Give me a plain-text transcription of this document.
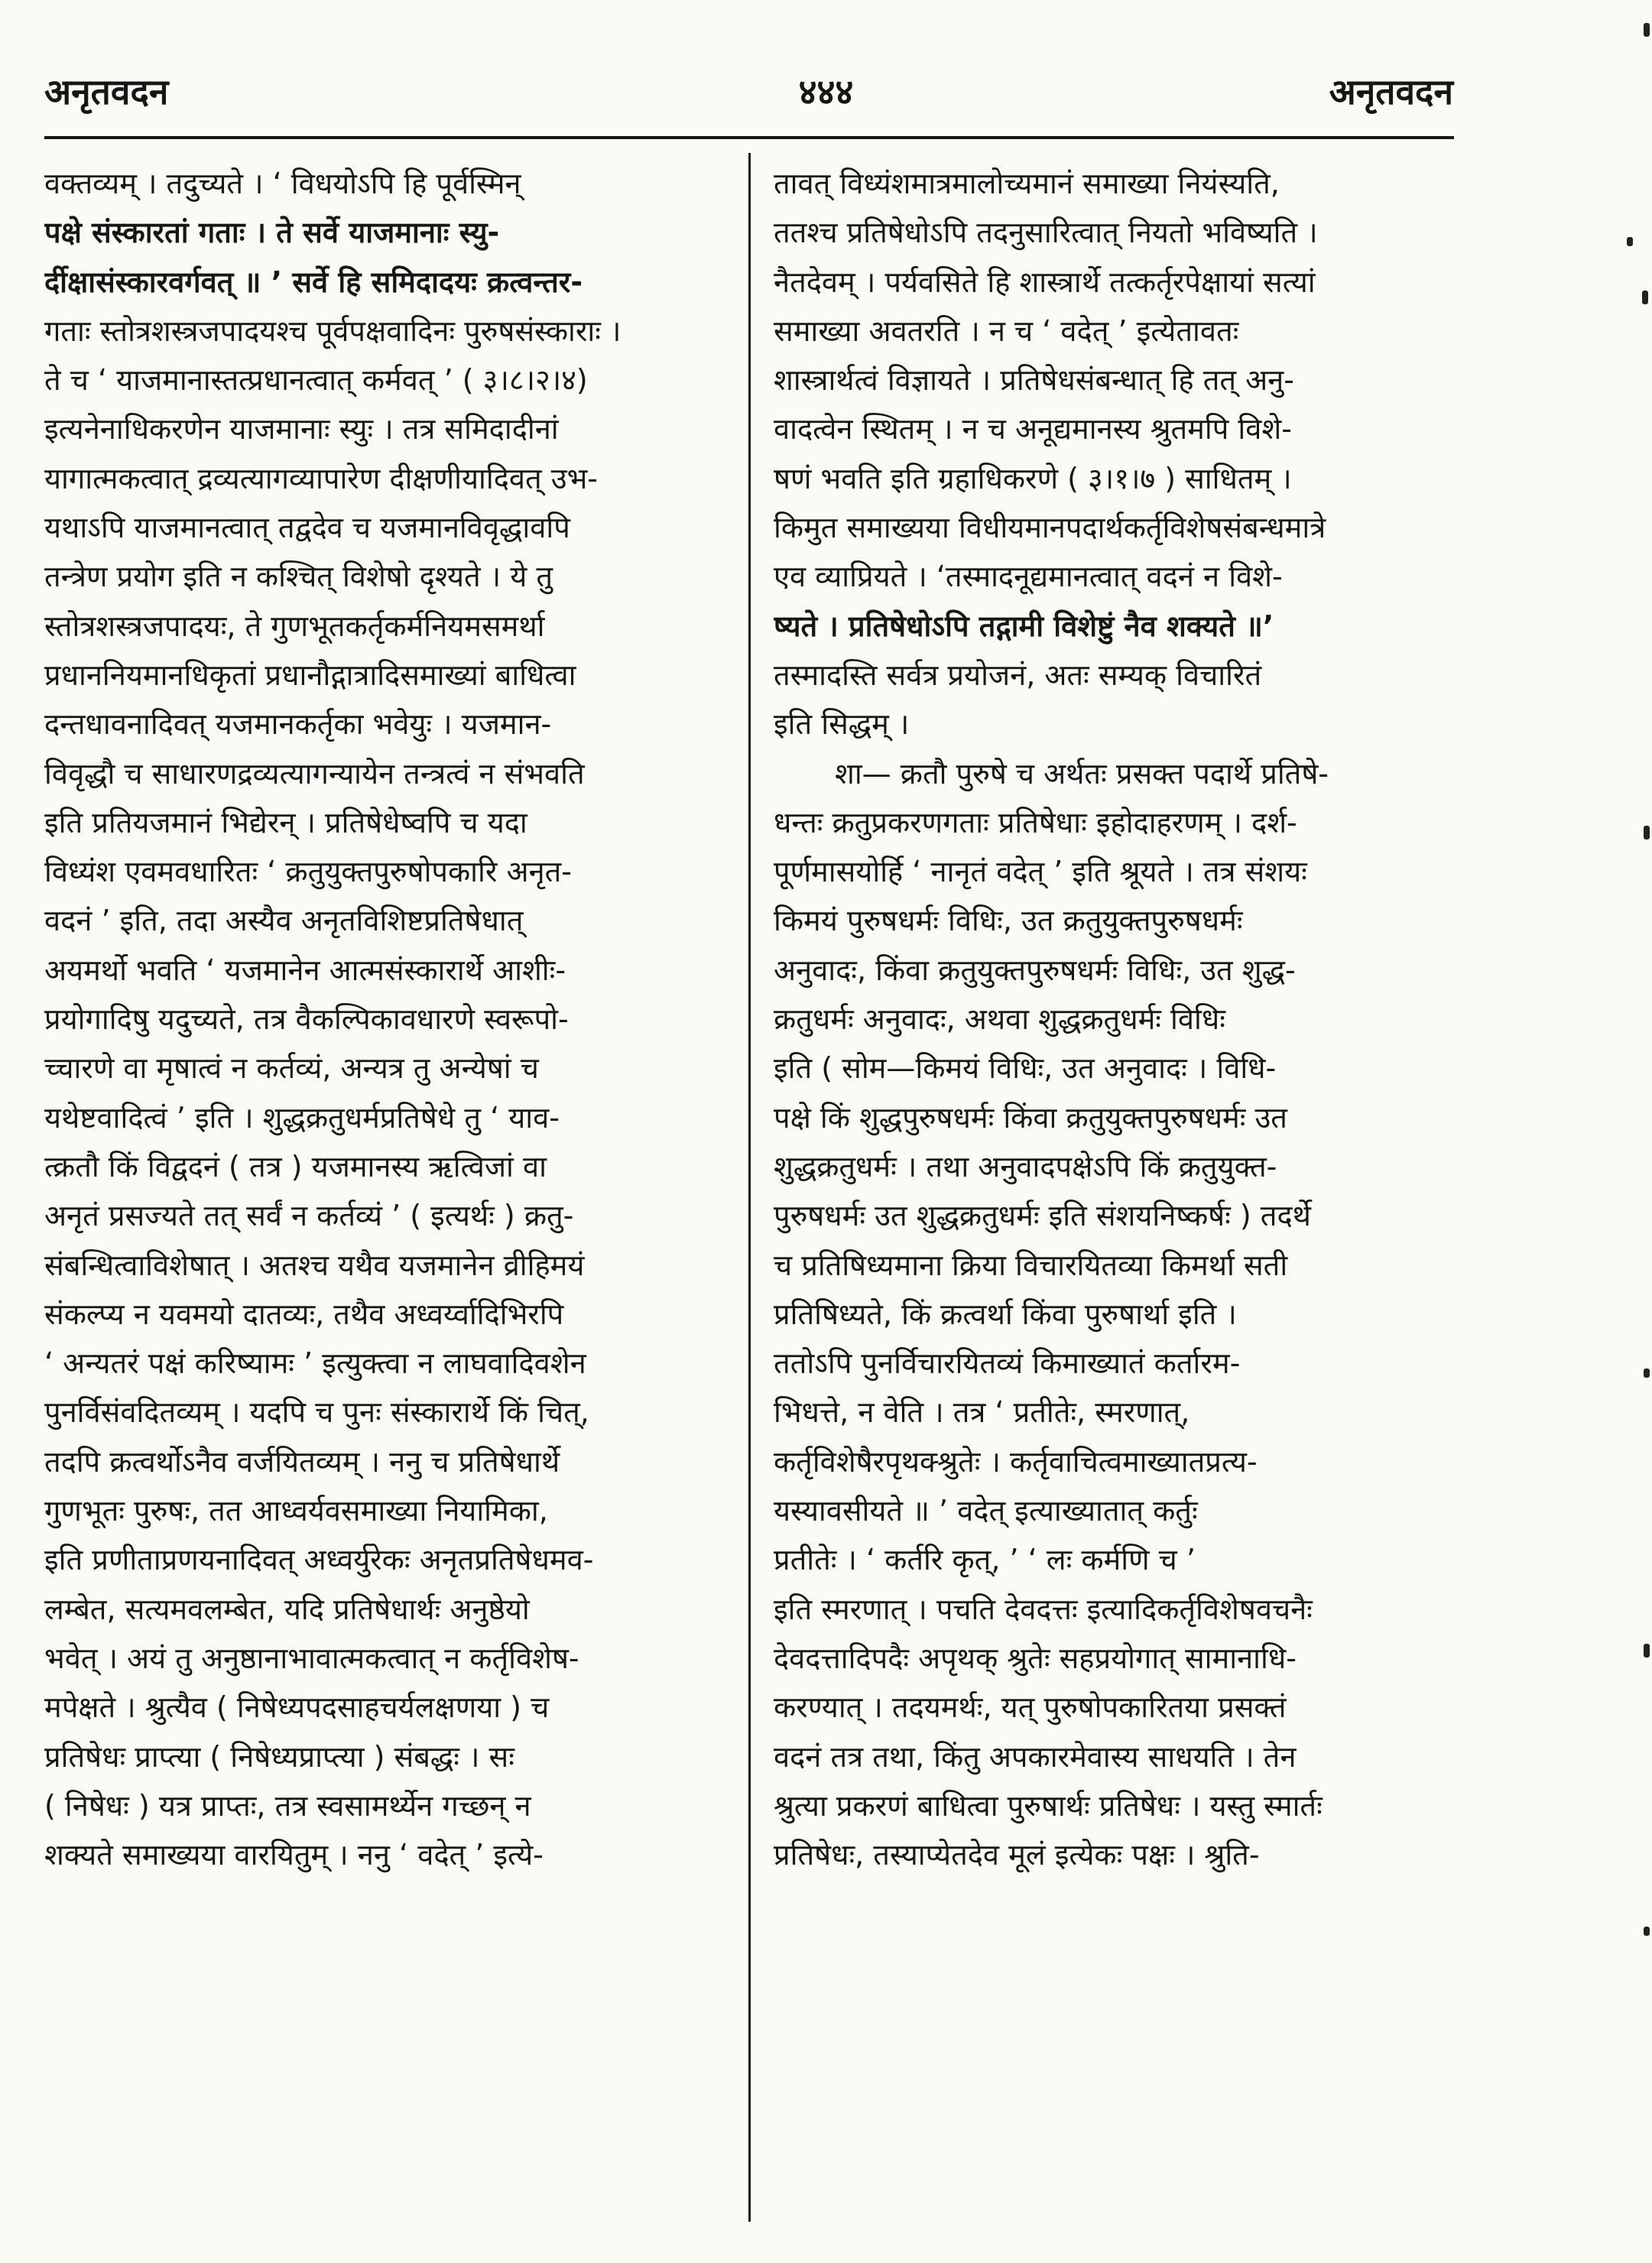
अनृतवदन	४४४	अनृतवदन
वक्तव्यम् । तदुच्यते । ‘ विधयोऽपि हि पूर्वस्मिन्
पक्षे संस्कारतां गताः । ते सर्वे याजमानाः स्यु-
र्दीक्षासंस्कारवर्गवत् ॥ ’ सर्वे हि समिदादयः क्रत्वन्तर-
गताः स्तोत्रशस्त्रजपादयश्च पूर्वपक्षवादिनः पुरुषसंस्काराः ।
ते च ‘ याजमानास्तत्प्रधानत्वात् कर्मवत् ’ ( ३।८।२।४)
इत्यनेनाधिकरणेन याजमानाः स्युः । तत्र समिदादीनां
यागात्मकत्वात् द्रव्यत्यागव्यापारेण दीक्षणीयादिवत् उभ-
यथाऽपि याजमानत्वात् तद्वदेव च यजमानविवृद्धावपि
तन्त्रेण प्रयोग इति न कश्चित् विशेषो दृश्यते । ये तु
स्तोत्रशस्त्रजपादयः, ते गुणभूतकर्तृकर्मनियमसमर्था
प्रधाननियमानधिकृतां प्रधानौद्गात्रादिसमाख्यां बाधित्वा
दन्तधावनादिवत् यजमानकर्तृका भवेयुः । यजमान-
विवृद्धौ च साधारणद्रव्यत्यागन्यायेन तन्त्रत्वं न संभवति
इति प्रतियजमानं भिद्येरन् । प्रतिषेधेष्वपि च यदा
विध्यंश एवमवधारितः ‘ क्रतुयुक्तपुरुषोपकारि अनृत-
वदनं ’ इति, तदा अस्यैव अनृतविशिष्टप्रतिषेधात्
अयमर्थो भवति ‘ यजमानेन आत्मसंस्कारार्थे आशीः-
प्रयोगादिषु यदुच्यते, तत्र वैकल्पिकावधारणे स्वरूपो-
च्चारणे वा मृषात्वं न कर्तव्यं, अन्यत्र तु अन्येषां च
यथेष्टवादित्वं ’ इति । शुद्धक्रतुधर्मप्रतिषेधे तु ‘ याव-
त्क्रतौ किं विद्वदनं ( तत्र ) यजमानस्य ऋत्विजां वा
अनृतं प्रसज्यते तत् सर्वं न कर्तव्यं ’ ( इत्यर्थः ) क्रतु-
संबन्धित्वाविशेषात् । अतश्च यथैव यजमानेन व्रीहिमयं
संकल्प्य न यवमयो दातव्यः, तथैव अध्वर्य्वादिभिरपि
‘ अन्यतरं पक्षं करिष्यामः ’ इत्युक्त्वा न लाघवादिवशेन
पुनर्विसंवदितव्यम् । यदपि च पुनः संस्कारार्थे किं चित्,
तदपि क्रत्वर्थोऽनैव वर्जयितव्यम् । ननु च प्रतिषेधार्थे
गुणभूतः पुरुषः, तत आध्वर्यवसमाख्या नियामिका,
इति प्रणीताप्रणयनादिवत् अध्वर्युरेकः अनृतप्रतिषेधमव-
लम्बेत, सत्यमवलम्बेत, यदि प्रतिषेधार्थः अनुष्ठेयो
भवेत् । अयं तु अनुष्ठानाभावात्मकत्वात् न कर्तृविशेष-
मपेक्षते । श्रुत्यैव ( निषेध्यपदसाहचर्यलक्षणया ) च
प्रतिषेधः प्राप्त्या ( निषेध्यप्राप्त्या ) संबद्धः । सः
( निषेधः ) यत्र प्राप्तः, तत्र स्वसामर्थ्येन गच्छन् न
शक्यते समाख्यया वारयितुम् । ननु ‘ वदेत् ’ इत्ये-
तावत् विध्यंशमात्रमालोच्यमानं समाख्या नियंस्यति,
ततश्च प्रतिषेधोऽपि तदनुसारित्वात् नियतो भविष्यति ।
नैतदेवम् । पर्यवसिते हि शास्त्रार्थे तत्कर्तृरपेक्षायां सत्यां
समाख्या अवतरति । न च ‘ वदेत् ’ इत्येतावतः
शास्त्रार्थत्वं विज्ञायते । प्रतिषेधसंबन्धात् हि तत् अनु-
वादत्वेन स्थितम् । न च अनूद्यमानस्य श्रुतमपि विशे-
षणं भवति इति ग्रहाधिकरणे ( ३।१।७ ) साधितम् ।
किमुत समाख्यया विधीयमानपदार्थकर्तृविशेषसंबन्धमात्रे
एव व्याप्रियते । ‘तस्मादनूद्यमानत्वात् वदनं न विशे-
ष्यते । प्रतिषेधोऽपि तद्गामी विशेष्टुं नैव शक्यते ॥’
तस्मादस्ति सर्वत्र प्रयोजनं, अतः सम्यक् विचारितं
इति सिद्धम् ।
शा— क्रतौ पुरुषे च अर्थतः प्रसक्त पदार्थे प्रतिषे-
धन्तः क्रतुप्रकरणगताः प्रतिषेधाः इहोदाहरणम् । दर्श-
पूर्णमासयोर्हि ‘ नानृतं वदेत् ’ इति श्रूयते । तत्र संशयः
किमयं पुरुषधर्मः विधिः, उत क्रतुयुक्तपुरुषधर्मः
अनुवादः, किंवा क्रतुयुक्तपुरुषधर्मः विधिः, उत शुद्ध-
क्रतुधर्मः अनुवादः, अथवा शुद्धक्रतुधर्मः विधिः
इति ( सोम—किमयं विधिः, उत अनुवादः । विधि-
पक्षे किं शुद्धपुरुषधर्मः किंवा क्रतुयुक्तपुरुषधर्मः उत
शुद्धक्रतुधर्मः । तथा अनुवादपक्षेऽपि किं क्रतुयुक्त-
पुरुषधर्मः उत शुद्धक्रतुधर्मः इति संशयनिष्कर्षः ) तदर्थे
च प्रतिषिध्यमाना क्रिया विचारयितव्या किमर्था सती
प्रतिषिध्यते, किं क्रत्वर्था किंवा पुरुषार्था इति ।
ततोऽपि पुनर्विचारयितव्यं किमाख्यातं कर्तारम-
भिधत्ते, न वेति । तत्र ‘ प्रतीतेः, स्मरणात्,
कर्तृविशेषैरपृथक्श्रुतेः । कर्तृवाचित्वमाख्यातप्रत्य-
यस्यावसीयते ॥ ’ वदेत् इत्याख्यातात् कर्तुः
प्रतीतेः । ‘ कर्तरि कृत्, ’ ‘ लः कर्मणि च ’
इति स्मरणात् । पचति देवदत्तः इत्यादिकर्तृविशेषवचनैः
देवदत्तादिपदैः अपृथक् श्रुतेः सहप्रयोगात् सामानाधि-
करण्यात् । तदयमर्थः, यत् पुरुषोपकारितया प्रसक्तं
वदनं तत्र तथा, किंतु अपकारमेवास्य साधयति । तेन
श्रुत्या प्रकरणं बाधित्वा पुरुषार्थः प्रतिषेधः । यस्तु स्मार्तः
प्रतिषेधः, तस्याप्येतदेव मूलं इत्येकः पक्षः । श्रुति-
